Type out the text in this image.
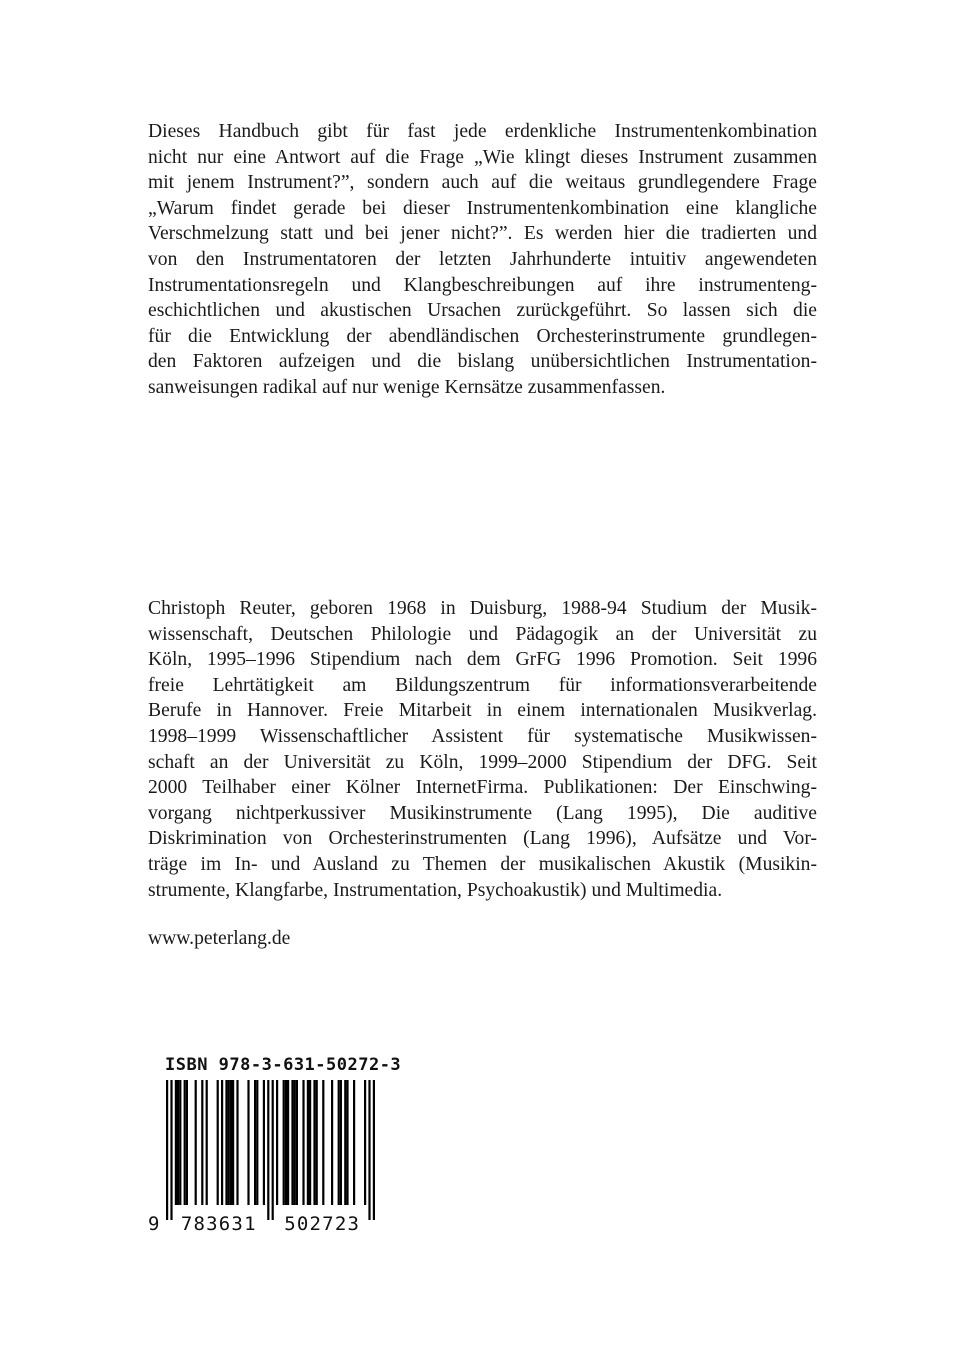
Dieses Handbuch gibt für fast jede erdenkliche Instrumentenkombination
nicht nur eine Antwort auf die Frage „Wie klingt dieses Instrument zusammen
mit jenem Instrument?”, sondern auch auf die weitaus grundlegendere Frage
„Warum findet gerade bei dieser Instrumentenkombination eine klangliche
Verschmelzung statt und bei jener nicht?”. Es werden hier die tradierten und
von den Instrumentatoren der letzten Jahrhunderte intuitiv angewendeten
Instrumentationsregeln und Klangbeschreibungen auf ihre instrumenteng-
eschichtlichen und akustischen Ursachen zurückgeführt. So lassen sich die
für die Entwicklung der abendländischen Orchesterinstrumente grundlegen-
den Faktoren aufzeigen und die bislang unübersichtlichen Instrumentation-
sanweisungen radikal auf nur wenige Kernsätze zusammenfassen.
Christoph Reuter, geboren 1968 in Duisburg, 1988-94 Studium der Musik-
wissenschaft, Deutschen Philologie und Pädagogik an der Universität zu
Köln, 1995–1996 Stipendium nach dem GrFG 1996 Promotion. Seit 1996
freie Lehrtätigkeit am Bildungszentrum für informationsverarbeitende
Berufe in Hannover. Freie Mitarbeit in einem internationalen Musikverlag.
1998–1999 Wissenschaftlicher Assistent für systematische Musikwissen-
schaft an der Universität zu Köln, 1999–2000 Stipendium der DFG. Seit
2000 Teilhaber einer Kölner InternetFirma. Publikationen: Der Einschwing-
vorgang nichtperkussiver Musikinstrumente (Lang 1995), Die auditive
Diskrimination von Orchesterinstrumenten (Lang 1996), Aufsätze und Vor-
träge im In- und Ausland zu Themen der musikalischen Akustik (Musikin-
strumente, Klangfarbe, Instrumentation, Psychoakustik) und Multimedia.

www.peterlang.de

ISBN 978-3-631-50272-3
9 783631 502723
